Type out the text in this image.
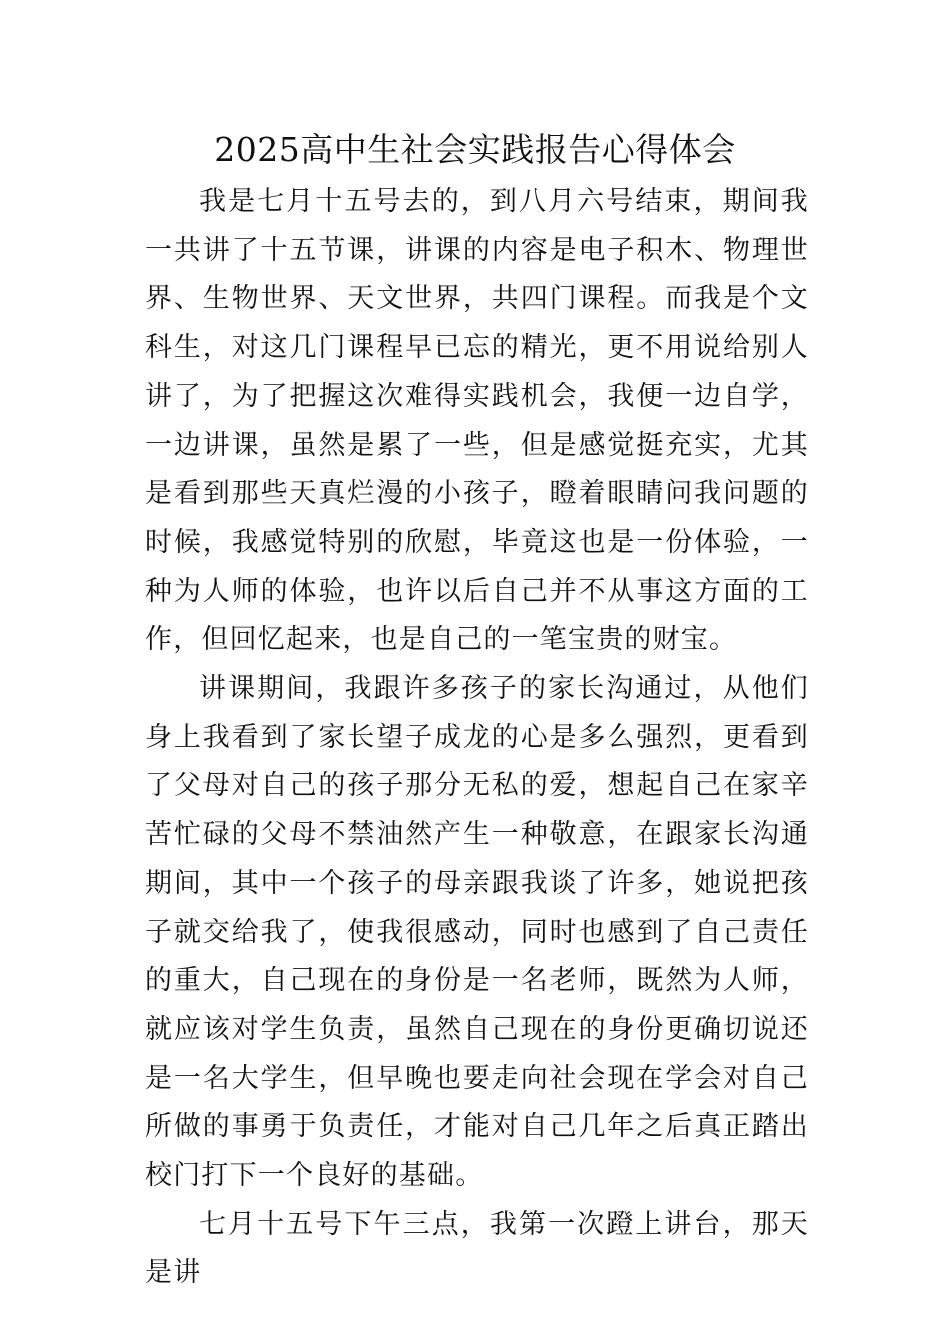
2025高中生社会实践报告心得体会

我是七月十五号去的，到八月六号结束，期间我一共讲了十五节课，讲课的内容是电子积木、物理世界、生物世界、天文世界，共四门课程。而我是个文科生，对这几门课程早已忘的精光，更不用说给别人讲了，为了把握这次难得实践机会，我便一边自学，一边讲课，虽然是累了一些，但是感觉挺充实，尤其是看到那些天真烂漫的小孩子，瞪着眼睛问我问题的时候，我感觉特别的欣慰，毕竟这也是一份体验，一种为人师的体验，也许以后自己并不从事这方面的工作，但回忆起来，也是自己的一笔宝贵的财宝。

讲课期间，我跟许多孩子的家长沟通过，从他们身上我看到了家长望子成龙的心是多么强烈，更看到了父母对自己的孩子那分无私的爱，想起自己在家辛苦忙碌的父母不禁油然产生一种敬意，在跟家长沟通期间，其中一个孩子的母亲跟我谈了许多，她说把孩子就交给我了，使我很感动，同时也感到了自己责任的重大，自己现在的身份是一名老师，既然为人师，就应该对学生负责，虽然自己现在的身份更确切说还是一名大学生，但早晚也要走向社会现在学会对自己所做的事勇于负责任，才能对自己几年之后真正踏出校门打下一个良好的基础。

七月十五号下午三点，我第一次蹬上讲台，那天是讲
